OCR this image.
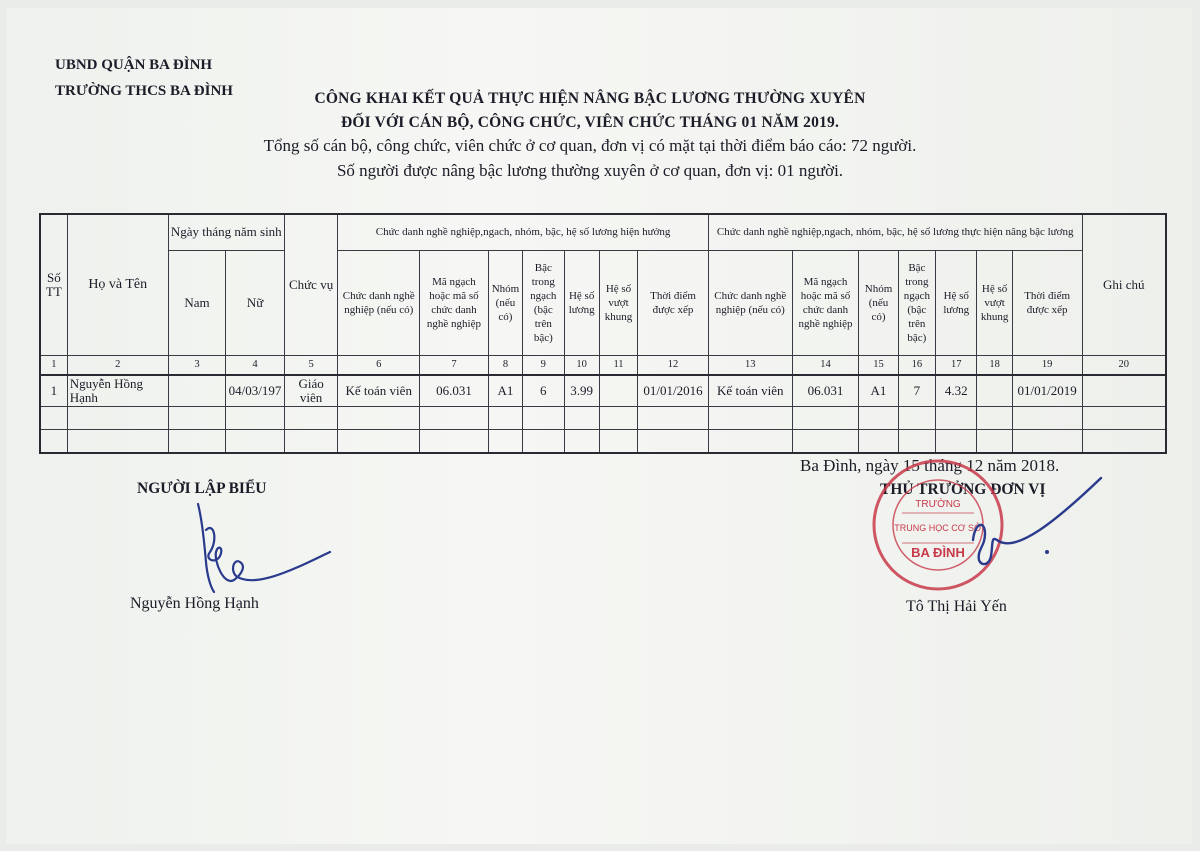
UBND QUẬN BA ĐÌNH
TRƯỜNG THCS BA ĐÌNH	CÔNG KHAI KẾT QUẢ THỰC HIỆN NÂNG BẬC LƯƠNG THƯỜNG XUYÊN
ĐỐI VỚI CÁN BỘ, CÔNG CHỨC, VIÊN CHỨC THÁNG 01 NĂM 2019.
Tổng số cán bộ, công chức, viên chức ở cơ quan, đơn vị có mặt tại thời điểm báo cáo: 72 người.
Số người được nâng bậc lương thường xuyên ở cơ quan, đơn vị: 01 người.
Số TT	Họ và Tên	Ngày tháng năm sinh		Chức vụ	Chức danh nghề nghiệp,ngach, nhóm, bậc, hệ số lương hiện hưởng							Chức danh nghề nghiệp,ngach, nhóm, bậc, hệ số lương thực hiện nâng bậc lương							Ghi chú
		Nam	Nữ		Chức danh nghề nghiệp (nếu có)	Mã ngạch hoặc mã số chức danh nghề nghiệp	Nhóm (nếu có)	Bậc trong ngạch (bậc trên bậc)	Hệ số lương	Hệ số vượt khung	Thời điểm được xếp	Chức danh nghề nghiệp (nếu có)	Mã ngạch hoặc mã số chức danh nghề nghiệp	Nhóm (nếu có)	Bậc trong ngạch (bậc trên bậc)	Hệ số lương	Hệ số vượt khung	Thời điểm được xếp	

1	2	3	4	5	6	7	8	9	10	11	12	13	14	15	16	17	18	19	20
1	Nguyễn Hồng Hạnh		04/03/197	Giáo viên	Kế toán viên	06.031	A1	6	3.99		01/01/2016	Kế toán viên	06.031	A1	7	4.32		01/01/2019	

Ba Đình, ngày 15 tháng 12 năm 2018.
NGƯỜI LẬP BIỂU	THỦ TRƯỞNG ĐƠN VỊ
TRƯỜNG
TRUNG HỌC CƠ SỞ
BA ĐÌNH
Nguyễn Hồng Hạnh	Tô Thị Hải Yến
